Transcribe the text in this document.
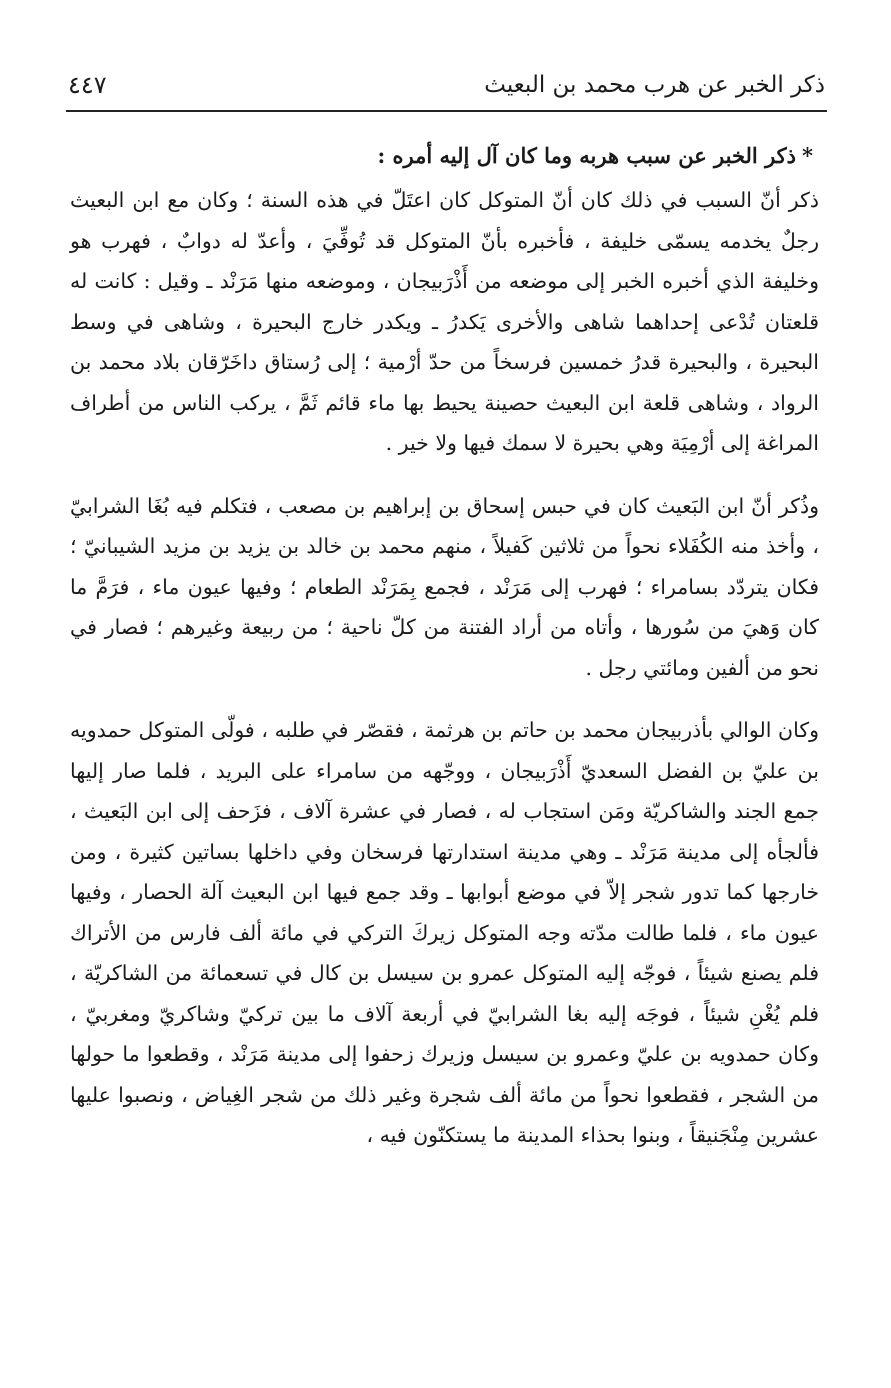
ذكر الخبر عن هرب محمد بن البعيث
٤٤٧
*ذكر الخبر عن سبب هربه وما كان آل إليه أمره :

ذكر أنّ السبب في ذلك كان أنّ المتوكل كان اعتَلّ في هذه السنة ؛ وكان مع ابن البعيث رجلٌ يخدمه يسمّى خليفة ، فأخبره بأنّ المتوكل قد تُوفِّيَ ، وأعدّ له دوابٌ ، فهرب هو وخليفة الذي أخبره الخبر إلى موضعه من أَذْرَبيجان ، وموضعه منها مَرَنْد ـ وقيل : كانت له قلعتان تُدْعى إحداهما شاهى والأخرى يَكدرُ ـ ويكدر خارج البحيرة ، وشاهى في وسط البحيرة ، والبحيرة قدرُ خمسين فرسخاً من حدّ أرْمية ؛ إلى رُستاق داخَرّقان بلاد محمد بن الرواد ، وشاهى قلعة ابن البعيث حصينة يحيط بها ماء قائم ثَمَّ ، يركب الناس من أطراف المراغة إلى أرْمِيَة وهي بحيرة لا سمك فيها ولا خير .

وذُكر أنّ ابن البَعيث كان في حبس إسحاق بن إبراهيم بن مصعب ، فتكلم فيه بُغَا الشرابيّ ، وأخذ منه الكُفَلاء نحواً من ثلاثين كَفيلاً ، منهم محمد بن خالد بن يزيد بن مزيد الشيبانيّ ؛ فكان يتردّد بسامراء ؛ فهرب إلى مَرَنْد ، فجمع بِمَرَنْد الطعام ؛ وفيها عيون ماء ، فرَمَّ ما كان وَهيَ من سُورها ، وأتاه من أراد الفتنة من كلّ ناحية ؛ من ربيعة وغيرهم ؛ فصار في نحو من ألفين ومائتي رجل .

وكان الوالي بأذربيجان محمد بن حاتم بن هرثمة ، فقصّر في طلبه ، فولّى المتوكل حمدويه بن عليّ بن الفضل السعديّ أَذْرَبيجان ، ووجّهه من سامراء على البريد ، فلما صار إليها جمع الجند والشاكريّة ومَن استجاب له ، فصار في عشرة آلاف ، فزَحف إلى ابن البَعيث ، فألجأه إلى مدينة مَرَنْد ـ وهي مدينة استدارتها فرسخان وفي داخلها بساتين كثيرة ، ومن خارجها كما تدور شجر إلاّ في موضع أبوابها ـ وقد جمع فيها ابن البعيث آلة الحصار ، وفيها عيون ماء ، فلما طالت مدّته وجه المتوكل زيركَ التركي في مائة ألف فارس من الأتراك فلم يصنع شيئاً ، فوجّه إليه المتوكل عمرو بن سيسل بن كال في تسعمائة من الشاكريّة ، فلم يُغْنِ شيئاً ، فوجَه إليه بغا الشرابيّ في أربعة آلاف ما بين تركيّ وشاكريّ ومغربيّ ، وكان حمدويه بن عليّ وعمرو بن سيسل وزيرك زحفوا إلى مدينة مَرَنْد ، وقطعوا ما حولها من الشجر ، فقطعوا نحواً من مائة ألف شجرة وغير ذلك من شجر الغِياض ، ونصبوا عليها عشرين مِنْجَنيقاً ، وبنوا بحذاء المدينة ما يستكنّون فيه ،
